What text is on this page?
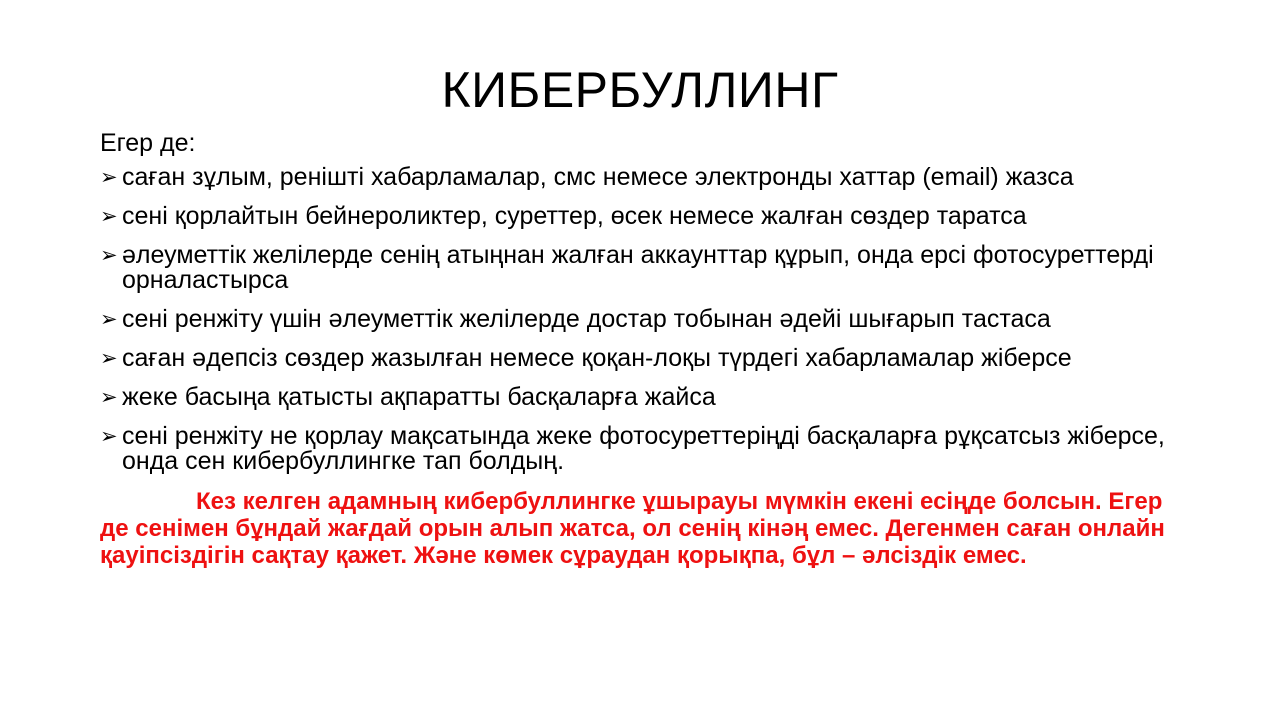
КИБЕРБУЛЛИНГ

Егер де:

➢ саған зұлым, ренішті хабарламалар, смс немесе электронды хаттар (email) жазса
➢ сені қорлайтын бейнероликтер, суреттер, өсек немесе жалған сөздер таратса
➢ әлеуметтік желілерде сенің атыңнан жалған аккаунттар құрып, онда ерсі фотосуреттерді орналастырса
➢ сені ренжіту үшін әлеуметтік желілерде достар тобынан әдейі шығарып тастаса
➢ саған әдепсіз сөздер жазылған немесе қоқан-лоқы түрдегі хабарламалар жіберсе
➢ жеке басыңа қатысты ақпаратты басқаларға жайса
➢ сені ренжіту не қорлау мақсатында жеке фотосуреттеріңді басқаларға рұқсатсыз жіберсе, онда сен кибербуллингке тап болдың.

Кез келген адамның кибербуллингке ұшырауы мүмкін екені есіңде болсын. Егер де сенімен бұндай жағдай орын алып жатса, ол сенің кінәң емес. Дегенмен саған онлайн қауіпсіздігін сақтау қажет. Және көмек сұраудан қорықпа, бұл – әлсіздік емес.
